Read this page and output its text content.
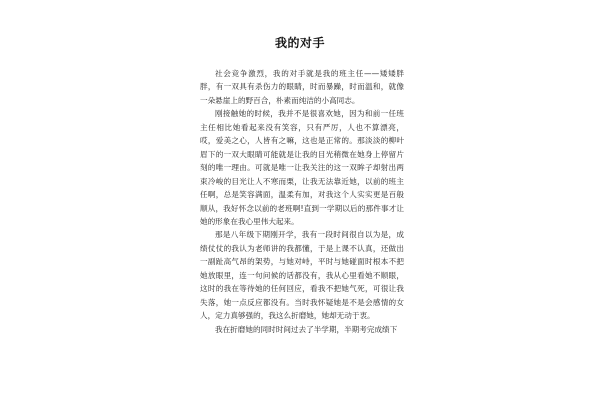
我的对手

社会竞争激烈，我的对手就是我的班主任——矮矮胖胖，有一双具有杀伤力的眼睛，时而暴躁，时而温和，就像一朵悬崖上的野百合，朴素而纯洁的小高同志。

刚接触她的时候，我并不是很喜欢她，因为和前一任班主任相比她看起来没有笑容，只有严厉，人也不算漂亮，哎，爱美之心，人皆有之嘛，这也是正常的。那淡淡的柳叶眉下的一双大眼睛可能就是让我的目光稍微在她身上停留片刻的唯一理由。可就是唯一让我关注的这一双眸子却射出两束冷峻的目光让人不寒而栗，让我无法靠近她，以前的班主任啊，总是笑容满面，温柔有加，对我这个人实实更是百般顺从，我好怀念以前的老班啊!直到一学期以后的那件事才让她的形象在我心里伟大起来。

那是八年级下期刚开学，我有一段时间很自以为是，成绩仗仗的我认为老师讲的我都懂，于是上课不认真，还做出一副趾高气昂的架势，与她对峙，平时与她碰面时根本不把她放眼里，连一句问候的话都没有，我从心里看她不顺眼，这时的我在等待她的任何回应，看我不把她气死，可很让我失落，她一点反应都没有。当时我怀疑她是不是会感情的女人，定力真够强的，我这么折磨她，她却无动于衷。

我在折磨她的同时时间过去了半学期，半期考完成绩下
